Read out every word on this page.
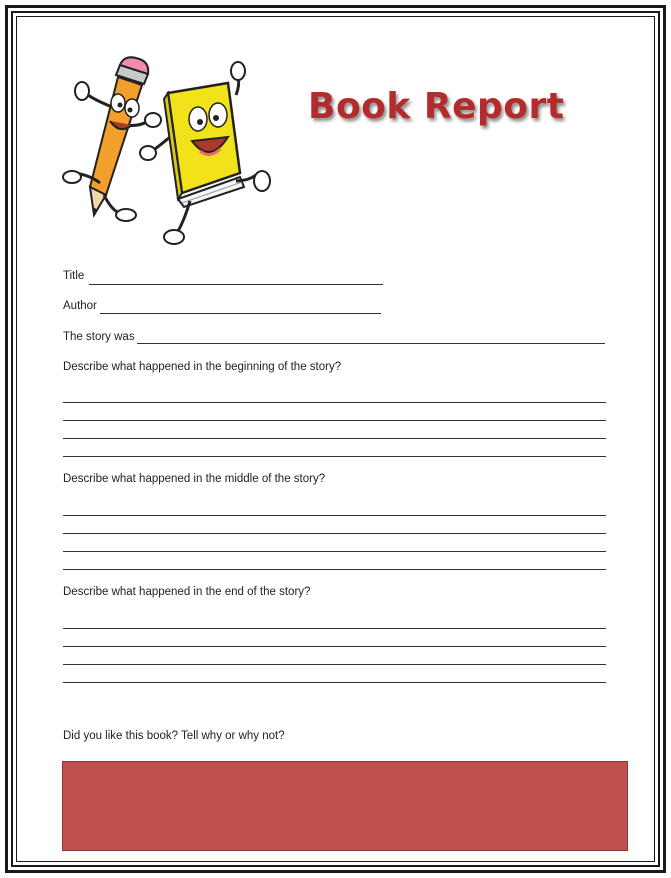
Book Report
Title
Author
The story was
Describe what happened in the beginning of the story?
Describe what happened in the middle of the story?
Describe what happened in the end of the story?
Did you like this book? Tell why or why not?
